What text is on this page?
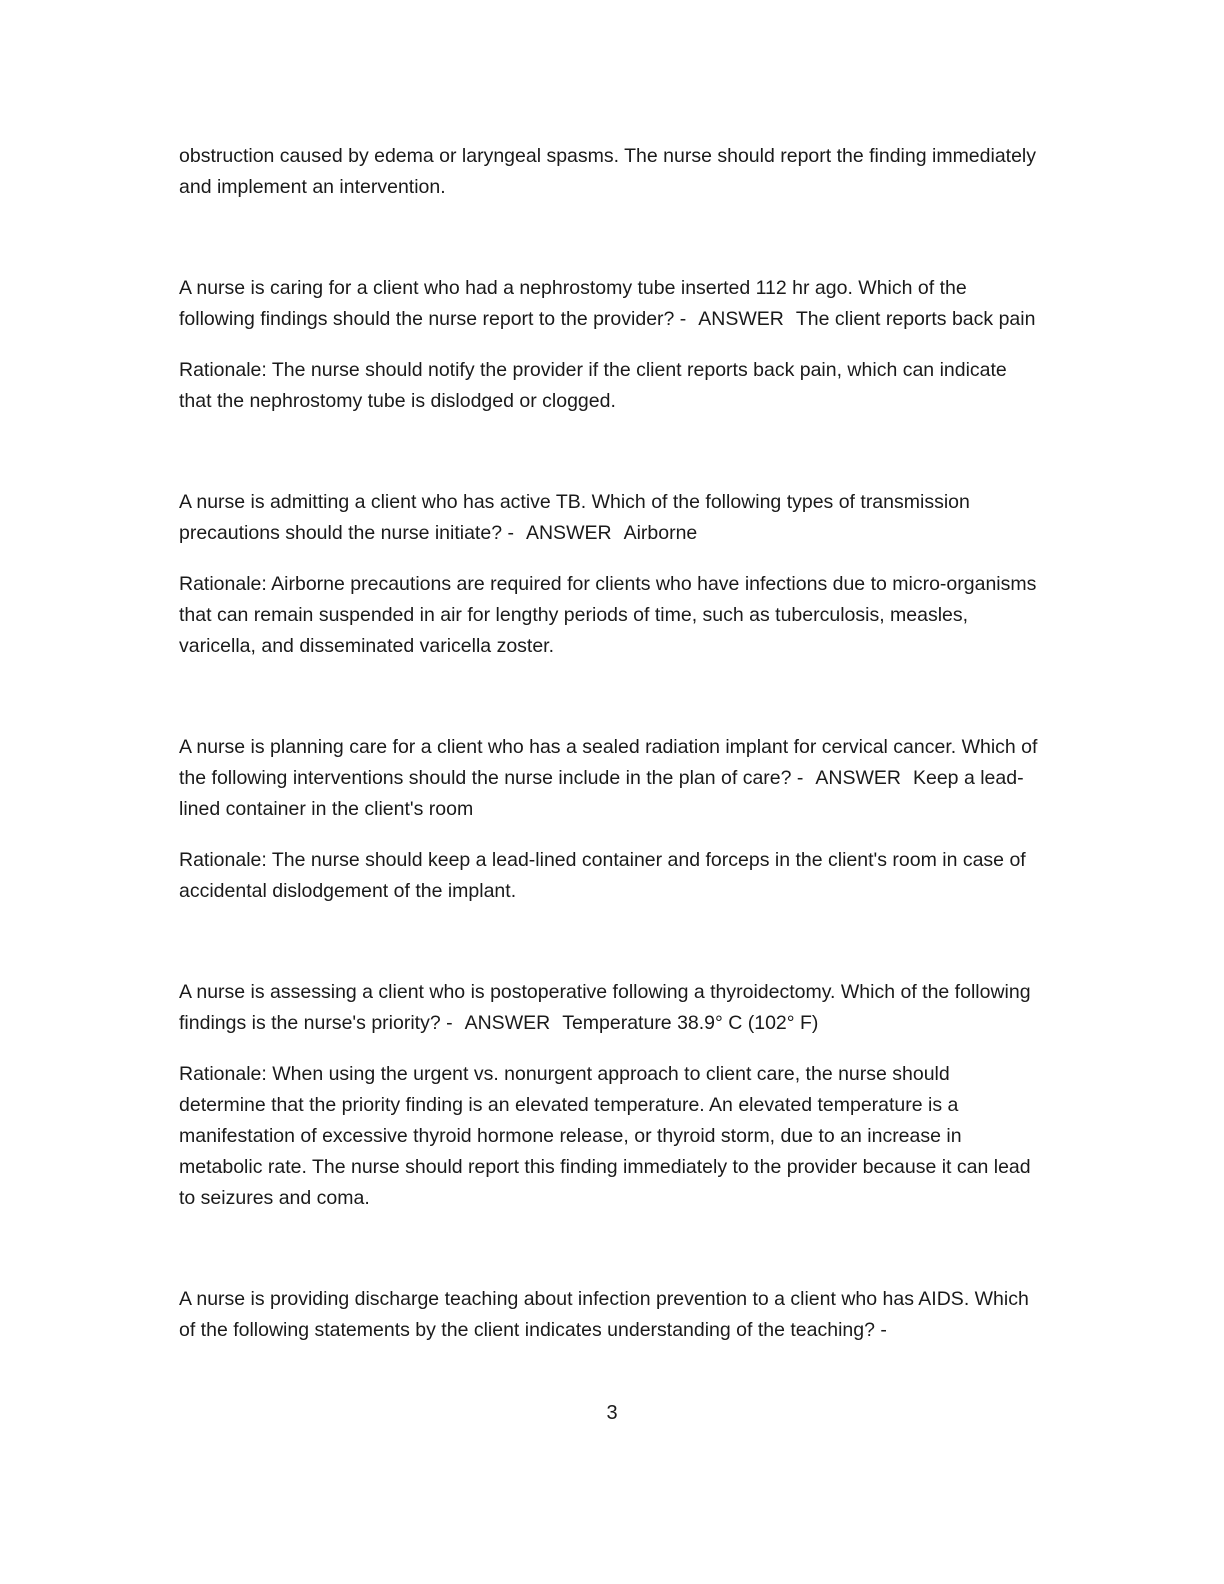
obstruction caused by edema or laryngeal spasms. The nurse should report the finding immediately and implement an intervention.

A nurse is caring for a client who had a nephrostomy tube inserted 112 hr ago. Which of the following findings should the nurse report to the provider? - ANSWER The client reports back pain

Rationale: The nurse should notify the provider if the client reports back pain, which can indicate that the nephrostomy tube is dislodged or clogged.

A nurse is admitting a client who has active TB. Which of the following types of transmission precautions should the nurse initiate? - ANSWER Airborne

Rationale: Airborne precautions are required for clients who have infections due to micro-organisms that can remain suspended in air for lengthy periods of time, such as tuberculosis, measles, varicella, and disseminated varicella zoster.

A nurse is planning care for a client who has a sealed radiation implant for cervical cancer. Which of the following interventions should the nurse include in the plan of care? - ANSWER Keep a lead-lined container in the client's room

Rationale: The nurse should keep a lead-lined container and forceps in the client's room in case of accidental dislodgement of the implant.

A nurse is assessing a client who is postoperative following a thyroidectomy. Which of the following findings is the nurse's priority? - ANSWER Temperature 38.9° C (102° F)

Rationale: When using the urgent vs. nonurgent approach to client care, the nurse should determine that the priority finding is an elevated temperature. An elevated temperature is a manifestation of excessive thyroid hormone release, or thyroid storm, due to an increase in metabolic rate. The nurse should report this finding immediately to the provider because it can lead to seizures and coma.

A nurse is providing discharge teaching about infection prevention to a client who has AIDS. Which of the following statements by the client indicates understanding of the teaching? -

3
